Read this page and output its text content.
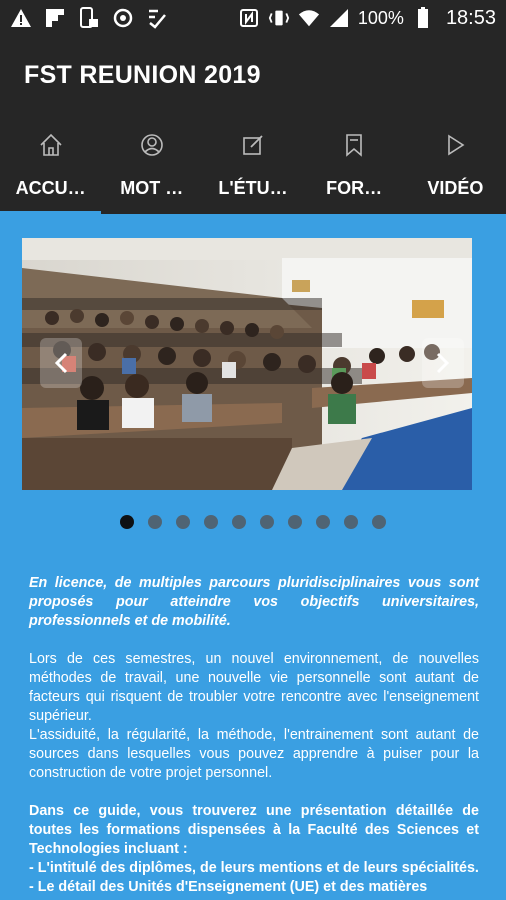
100% 18:53
FST REUNION 2019
ACCU… MOT … L'ÉTU… FOR…	VIDÉO

En licence, de multiples parcours pluridisciplinaires vous sont proposés pour atteindre vos objectifs universitaires, professionnels et de mobilité.

Lors de ces semestres, un nouvel environnement, de nouvelles méthodes de travail, une nouvelle vie personnelle sont autant de facteurs qui risquent de troubler votre rencontre avec l'enseignement supérieur.

L'assiduité, la régularité, la méthode, l'entrainement sont autant de sources dans lesquelles vous pouvez apprendre à puiser pour la construction de votre projet personnel.

Dans ce guide, vous trouverez une présentation détaillée de toutes les formations dispensées à la Faculté des Sciences et Technologies incluant :

- L'intitulé des diplômes, de leurs mentions et de leurs spécialités.

- Le détail des Unités d'Enseignement (UE) et des matières
